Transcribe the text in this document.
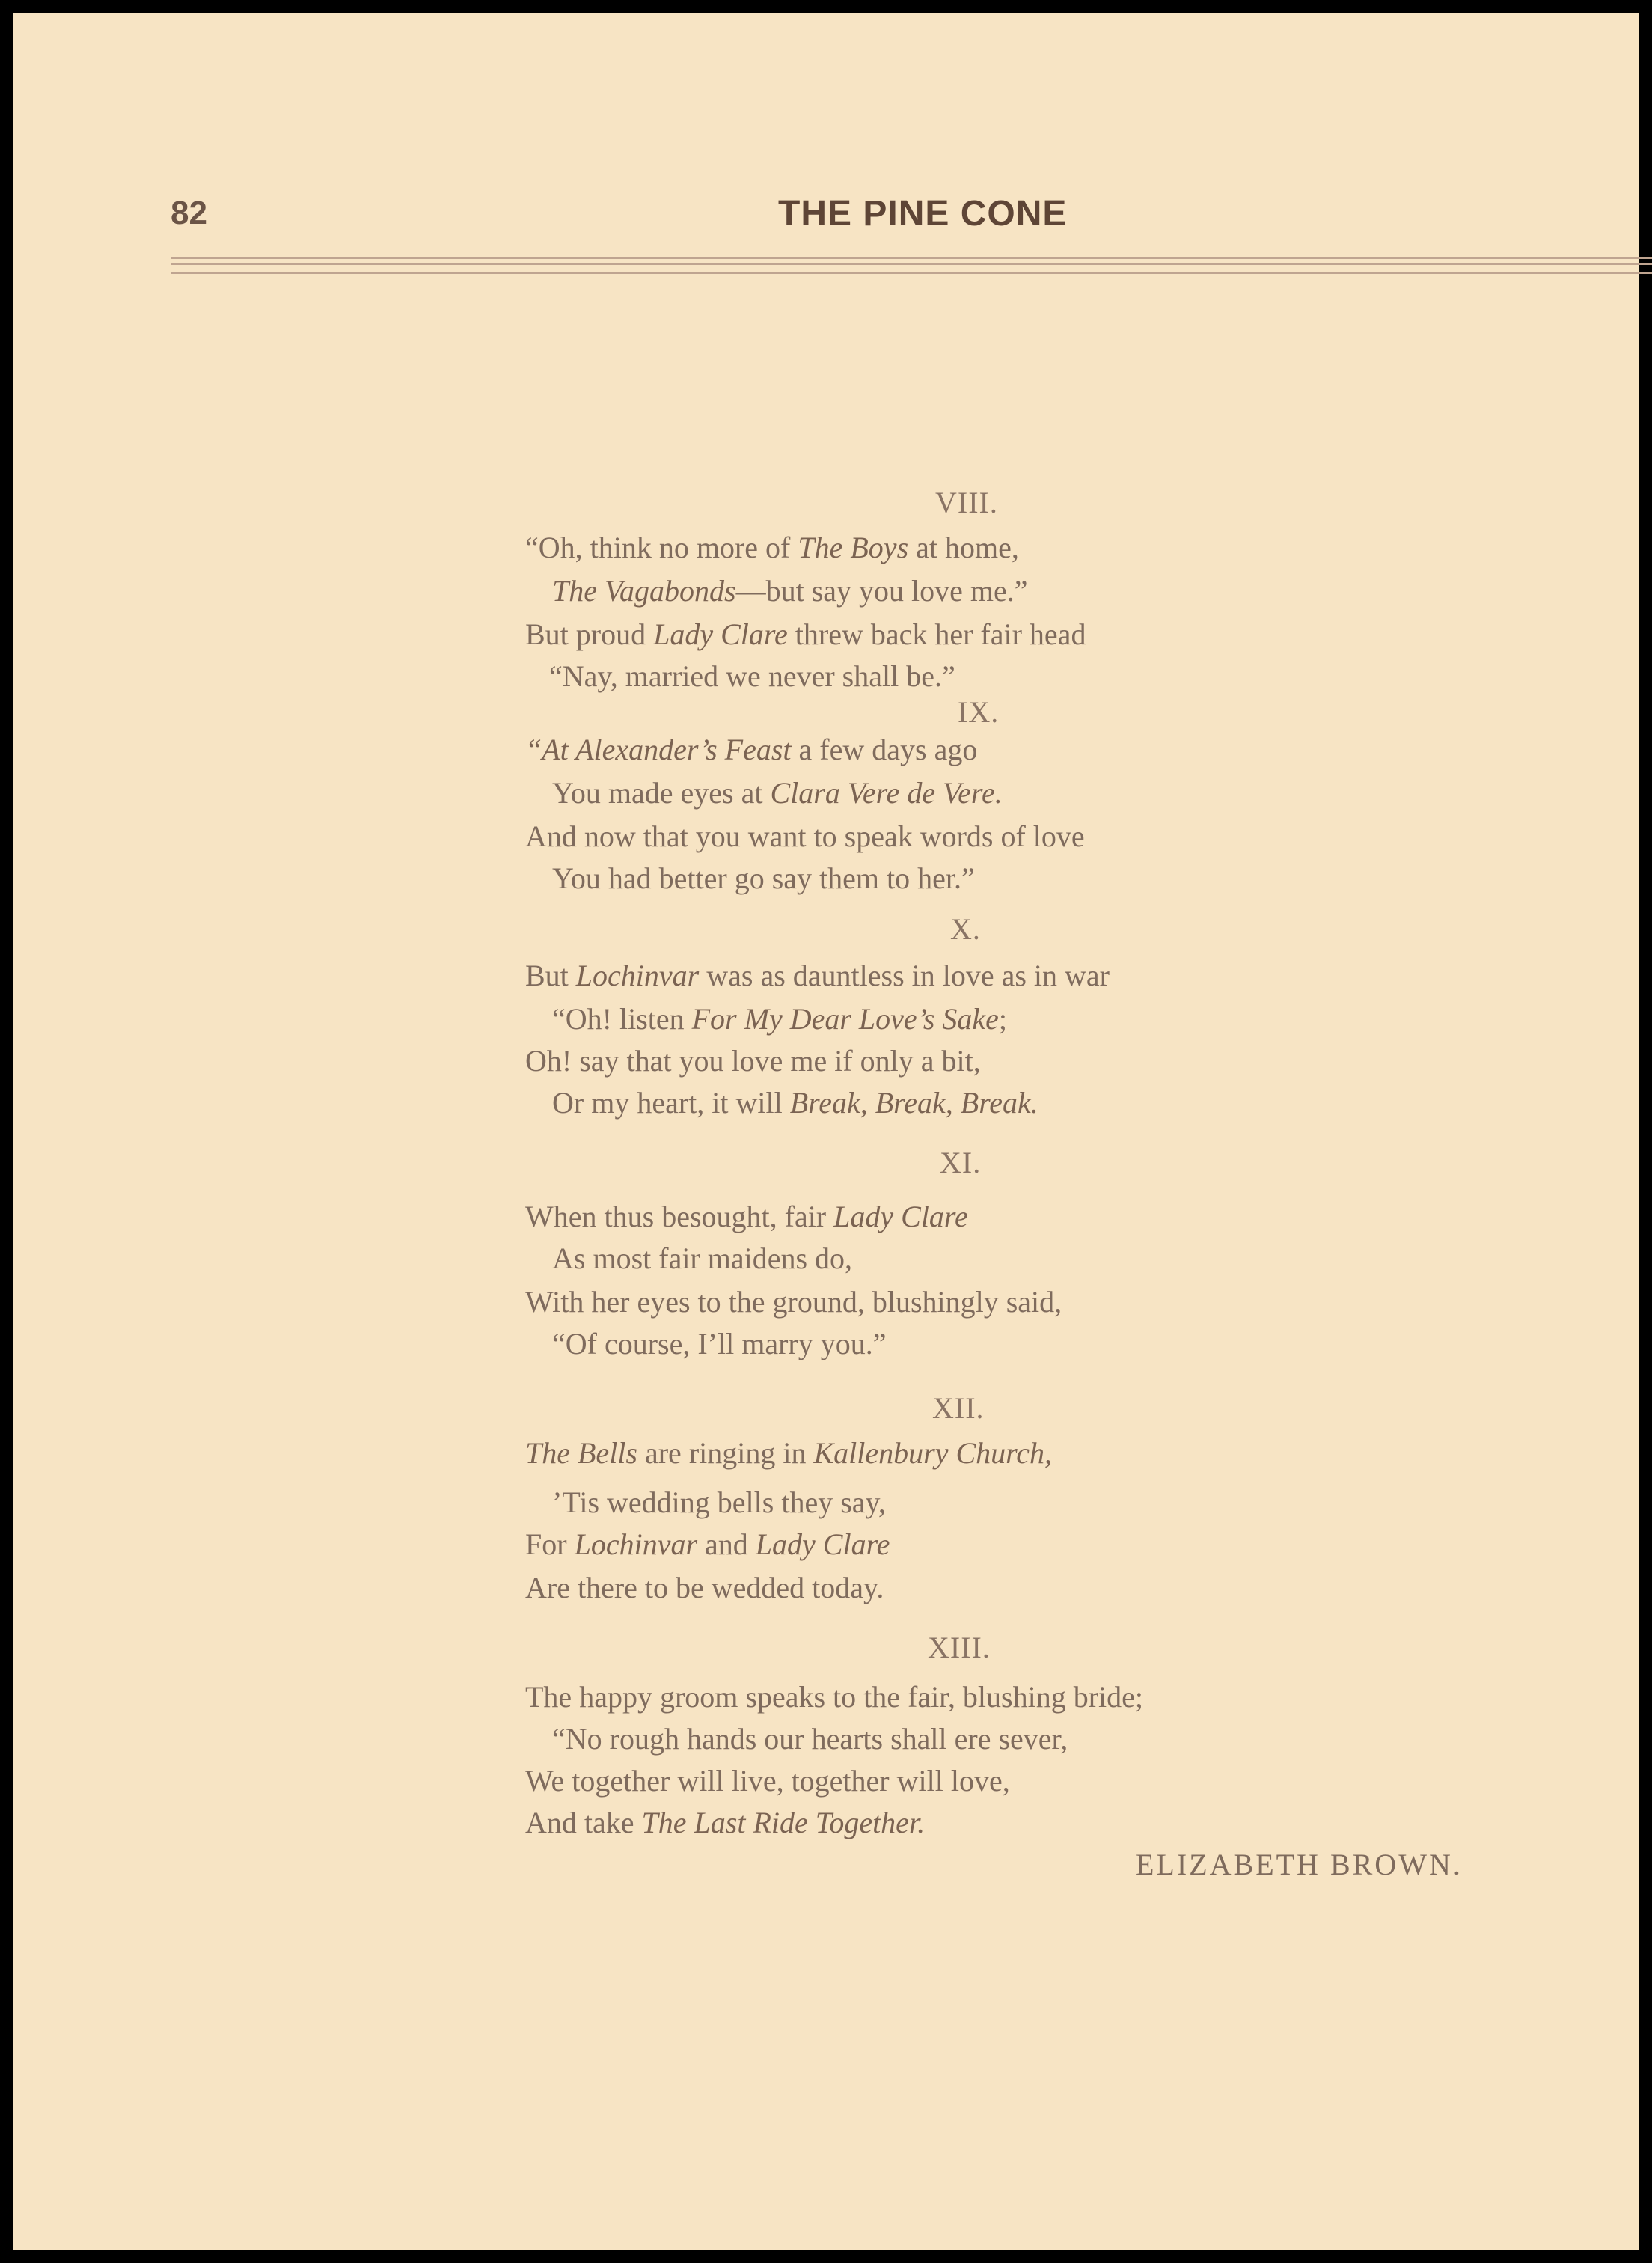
82	THE PINE CONE
VIII.
“Oh, think no more of The Boys at home,
The Vagabonds—but say you love me.”
But proud Lady Clare threw back her fair head
“Nay, married we never shall be.”
IX.
“At Alexander’s Feast a few days ago
You made eyes at Clara Vere de Vere.
And now that you want to speak words of love
You had better go say them to her.”
X.
But Lochinvar was as dauntless in love as in war
“Oh! listen For My Dear Love’s Sake;
Oh! say that you love me if only a bit,
Or my heart, it will Break, Break, Break.
XI.
When thus besought, fair Lady Clare
As most fair maidens do,
With her eyes to the ground, blushingly said,
“Of course, I’ll marry you.”
XII.
The Bells are ringing in Kallenbury Church,
’Tis wedding bells they say,
For Lochinvar and Lady Clare
Are there to be wedded today.
XIII.
The happy groom speaks to the fair, blushing bride;
“No rough hands our hearts shall ere sever,
We together will live, together will love,
And take The Last Ride Together.
ELIZABETH BROWN.
